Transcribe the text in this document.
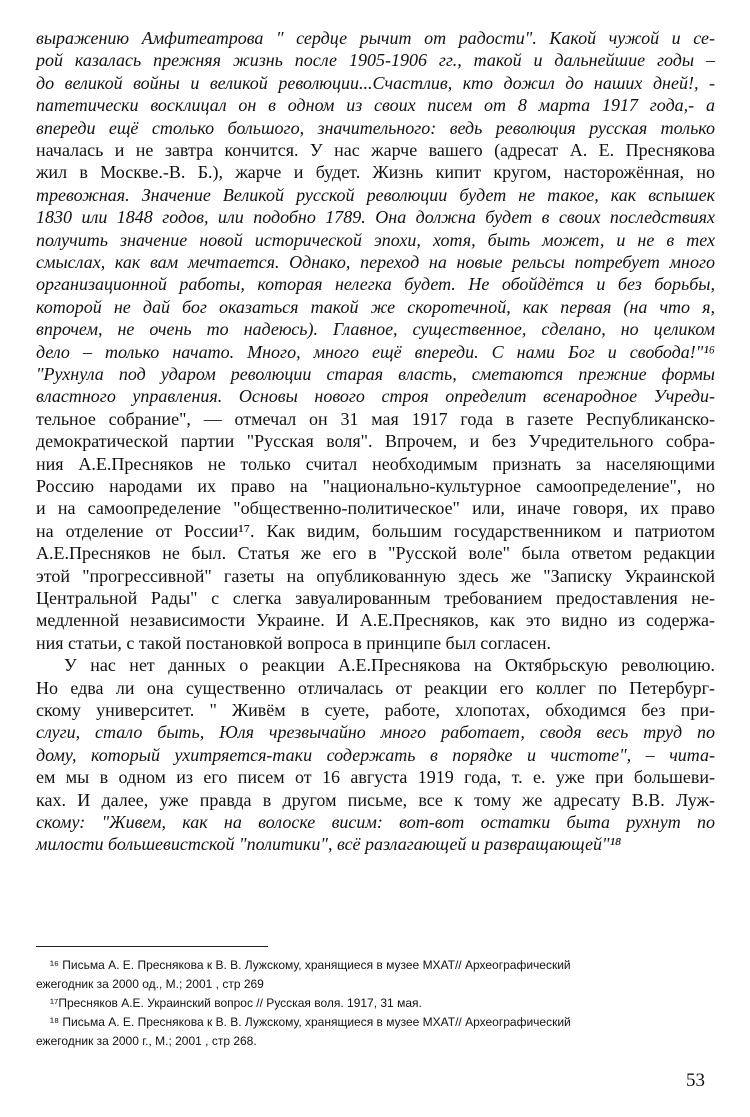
выражению Амфитеатрова " сердце рычит от радости". Какой чужой и се-
рой казалась прежняя жизнь после 1905-1906 гг., такой и дальнейшие годы –
до великой войны и великой революции...Счастлив, кто дожил до наших дней!, -
патетически восклицал он в одном из своих писем от 8 марта 1917 года,- а
впереди ещё столько большого, значительного: ведь революция русская только
началась и не завтра кончится. У нас жарче вашего (адресат А. Е. Преснякова
жил в Москве.-В. Б.), жарче и будет. Жизнь кипит кругом, насторожённая, но
тревожная. Значение Великой русской революции будет не такое, как вспышек
1830 или 1848 годов, или подобно 1789. Она должна будет в своих последствиях
получить значение новой исторической эпохи, хотя, быть может, и не в тех
смыслах, как вам мечтается. Однако, переход на новые рельсы потребует много
организационной работы, которая нелегка будет. Не обойдётся и без борьбы,
которой не дай бог оказаться такой же скоротечной, как первая (на что я,
впрочем, не очень то надеюсь). Главное, существенное, сделано, но целиком
дело – только начато. Много, много ещё впереди. С нами Бог и свобода!"¹⁶
"Рухнула под ударом революции старая власть, сметаются прежние формы
властного управления. Основы нового строя определит всенародное Учреди-
тельное собрание", — отмечал он 31 мая 1917 года в газете Республиканско-
демократической партии "Русская воля". Впрочем, и без Учредительного собра-
ния А.Е.Пресняков не только считал необходимым признать за населяющими
Россию народами их право на "национально-культурное самоопределение", но
и на самоопределение "общественно-политическое" или, иначе говоря, их право
на отделение от России¹⁷. Как видим, большим государственником и патриотом
А.Е.Пресняков не был. Статья же его в "Русской воле" была ответом редакции
этой "прогрессивной" газеты на опубликованную здесь же "Записку Украинской
Центральной Рады" с слегка завуалированным требованием предоставления не-
медленной независимости Украине. И А.Е.Пресняков, как это видно из содержа-
ния статьи, с такой постановкой вопроса в принципе был согласен.
У нас нет данных о реакции А.Е.Преснякова на Октябрьскую революцию.
Но едва ли она существенно отличалась от реакции его коллег по Петербург-
скому университет. " Живём в суете, работе, хлопотах, обходимся без при-
слуги, стало быть, Юля чрезвычайно много работает, сводя весь труд по
дому, который ухитряется-таки содержать в порядке и чистоте", – чита-
ем мы в одном из его писем от 16 августа 1919 года, т. е. уже при большеви-
ках. И далее, уже правда в другом письме, все к тому же адресату В.В. Луж-
скому: "Живем, как на волоске висим: вот-вот остатки быта рухнут по
милости большевистской "политики", всё разлагающей и развращающей"¹⁸
¹⁶ Письма А. Е. Преснякова к В. В. Лужскому, хранящиеся в музее МХАТ// Археографический
ежегодник за 2000 од., М.; 2001 , стр 269
¹⁷Пресняков А.Е. Украинский вопрос // Русская воля. 1917, 31 мая.
¹⁸ Письма А. Е. Преснякова к В. В. Лужскому, хранящиеся в музее МХАТ// Археографический
ежегодник за 2000 г., М.; 2001 , стр 268.
53
